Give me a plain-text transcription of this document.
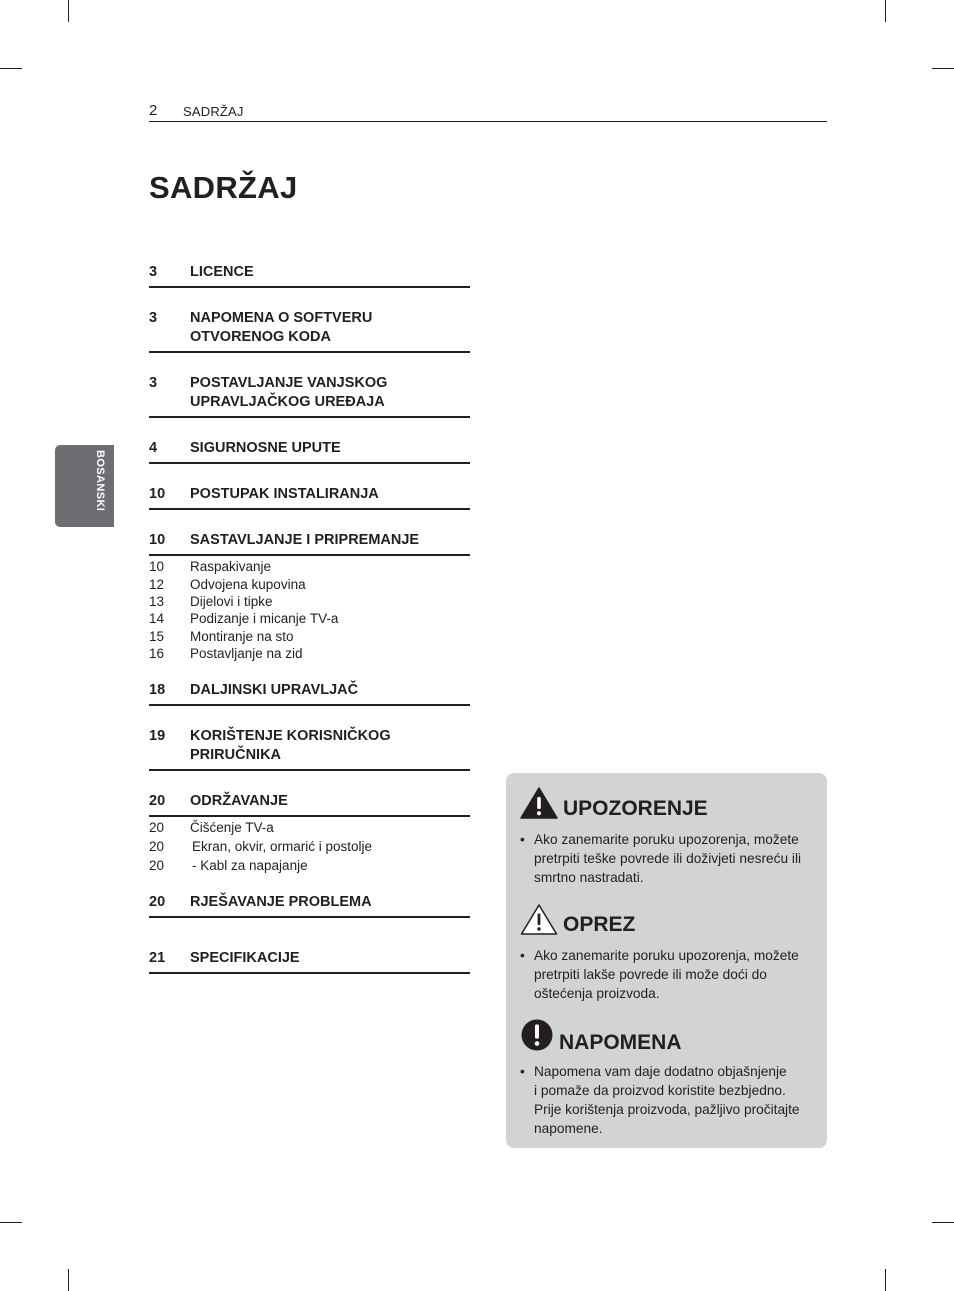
2 SADRŽAJ
SADRŽAJ
BOSANSKI
3 LICENCE
3 NAPOMENA O SOFTVERU
OTVORENOG KODA
3 POSTAVLJANJE VANJSKOG
UPRAVLJAČKOG UREĐAJA
4 SIGURNOSNE UPUTE
10 POSTUPAK INSTALIRANJA
10 SASTAVLJANJE I PRIPREMANJE
10 Raspakivanje
12 Odvojena kupovina
13 Dijelovi i tipke
14 Podizanje i micanje TV-a
15 Montiranje na sto
16 Postavljanje na zid
18 DALJINSKI UPRAVLJAČ
19 KORIŠTENJE KORISNIČKOG
PRIRUČNIKA
20 ODRŽAVANJE
20 Čišćenje TV-a
20 Ekran, okvir, ormarić i postolje
20 - Kabl za napajanje
20 RJEŠAVANJE PROBLEMA
21 SPECIFIKACIJE
UPOZORENJE
• Ako zanemarite poruku upozorenja, možete pretrpiti teške povrede ili doživjeti nesreću ili smrtno nastradati.
OPREZ
• Ako zanemarite poruku upozorenja, možete pretrpiti lakše povrede ili može doći do oštećenja proizvoda.
NAPOMENA
• Napomena vam daje dodatno objašnjenje
i pomaže da proizvod koristite bezbjedno. Prije korištenja proizvoda, pažljivo pročitajte napomene.
